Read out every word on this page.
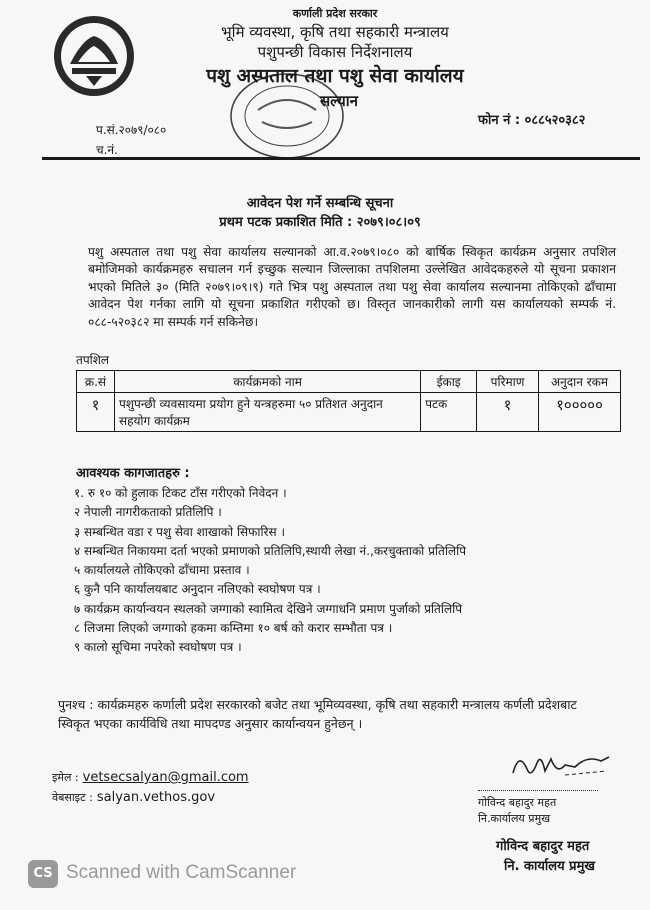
कर्णाली प्रदेश सरकार
भूमि व्यवस्था, कृषि तथा सहकारी मन्त्रालय
पशुपन्छी विकास निर्देशनालय
पशु अस्पताल तथा पशु सेवा कार्यालय
सल्यान
फोन नं : ०८८५२०३८२
प.सं.२०७९/०८०
च.नं.
आवेदन पेश गर्ने सम्बन्धि सूचना
प्रथम पटक प्रकाशित मिति : २०७९।०८।०९
पशु अस्पताल तथा पशु सेवा कार्यालय सल्यानको आ.व.२०७९।०८० को बार्षिक स्विकृत कार्यक्रम अनुसार तपशिल बमोजिमको कार्यक्रमहरु सचालन गर्न इच्छुक सल्यान जिल्लाका तपशिलमा उल्लेखित आवेदकहरुले यो सूचना प्रकाशन भएको मितिले ३० (मिति २०७९।०९।९) गते भित्र पशु अस्पताल तथा पशु सेवा कार्यालय सल्यानमा तोकिएको ढाँचामा आवेदन पेश गर्नका लागि यो सूचना प्रकाशित गरीएको छ। विस्तृत जानकारीको लागी यस कार्यालयको सम्पर्क नं. ०८८-५२०३८२ मा सम्पर्क गर्न सकिनेछ।
तपशिल
क्र.सं	कार्यक्रमको नाम	ईकाइ	परिमाण	अनुदान रकम
१	पशुपन्छी व्यवसायमा प्रयोग हुने यन्त्रहरुमा ५० प्रतिशत अनुदान सहयोग कार्यक्रम	पटक	१	१०००००
आवश्यक कागजातहरु :
१. रु १० को हुलाक टिकट टाँस गरीएको निवेदन ।
२ नेपाली नागरीकताको प्रतिलिपि ।
३ सम्बन्धित वडा र पशु सेवा शाखाको सिफारिस ।
४ सम्बन्धित निकायमा दर्ता भएको प्रमाणको प्रतिलिपि,स्थायी लेखा नं.,करचुक्ताको प्रतिलिपि
५ कार्यालयले तोकिएको ढाँचामा प्रस्ताव ।
६ कुनै पनि कार्यालयबाट अनुदान नलिएको स्वघोषण पत्र ।
७ कार्यक्रम कार्यान्वयन स्थलको जग्गाको स्वामित्व देखिने जग्गाधनि प्रमाण पुर्जाको प्रतिलिपि
८ लिजमा लिएको जग्गाको हकमा कम्तिमा १० बर्ष को करार सम्भौता पत्र ।
९ कालो सूचिमा नपरेको स्वघोषण पत्र ।
पुनश्च : कार्यक्रमहरु कर्णाली प्रदेश सरकारको बजेट तथा भूमिव्यवस्था, कृषि तथा सहकारी मन्त्रालय कर्णली प्रदेशबाट स्विकृत भएका कार्यविधि तथा मापदण्ड अनुसार कार्यान्वयन हुनेछन् ।
इमेल : vetsecsalyan@gmail.com
वेबसाइट : salyan.vethos.gov	गोविन्द बहादुर महत
नि.कार्यालय प्रमुख
गोविन्द बहादुर महत
नि. कार्यालय प्रमुख
CS Scanned with CamScanner
